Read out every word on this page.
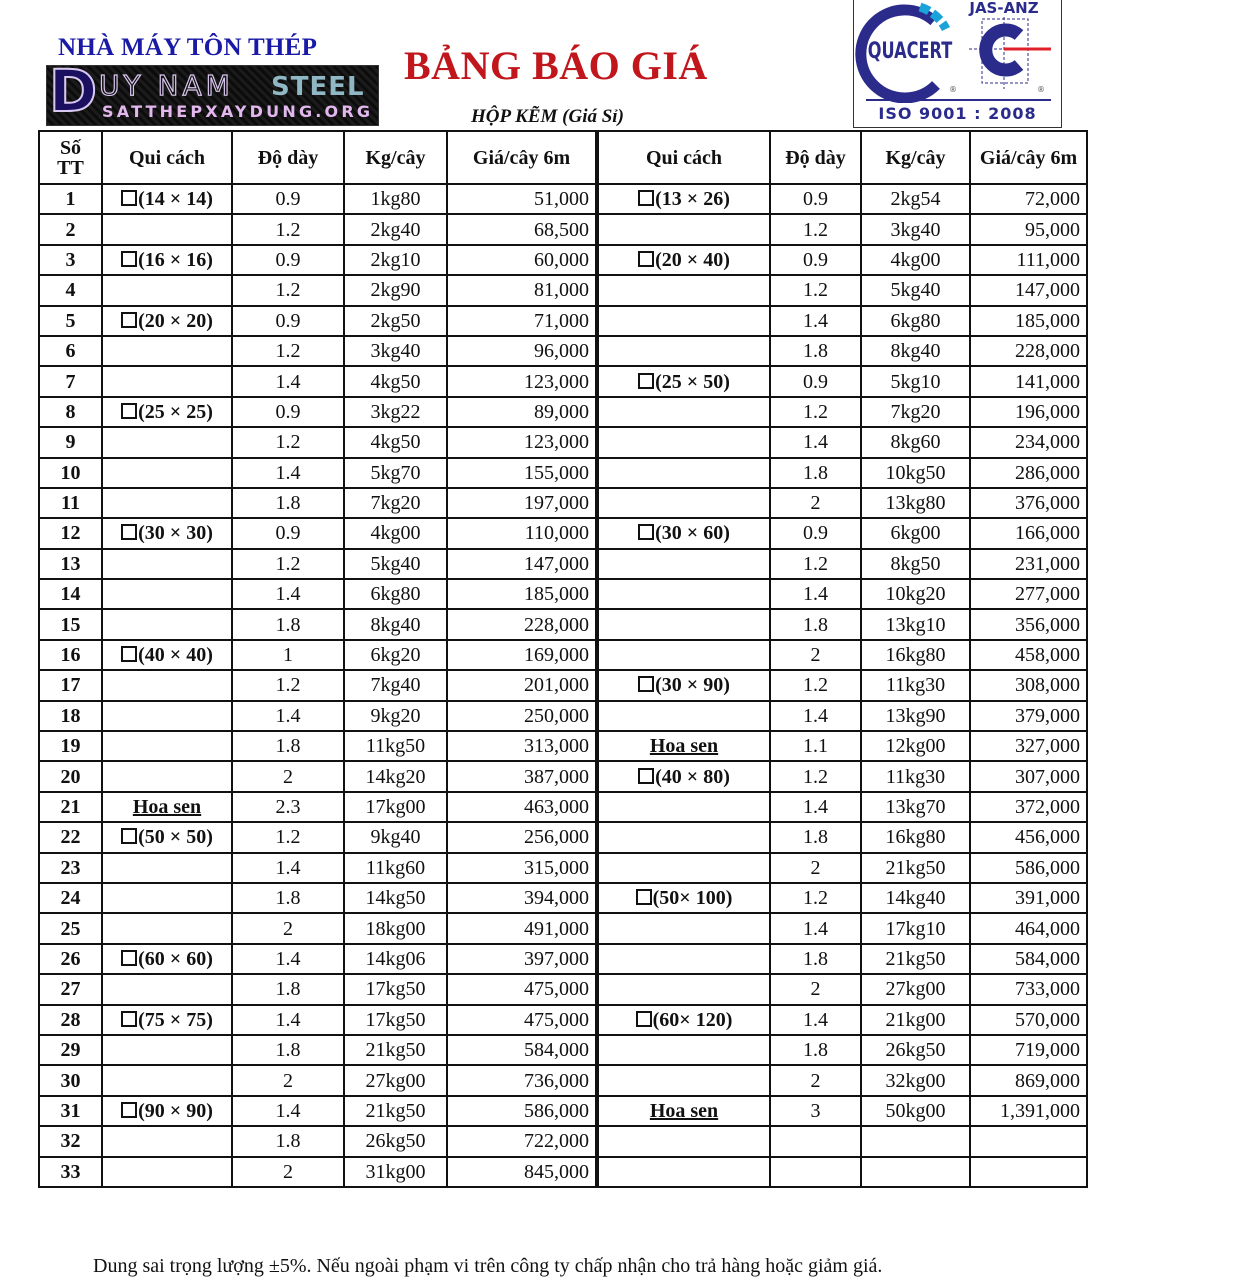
NHÀ MÁY TÔN THÉP
D UY NAM STEEL
SATTHEPXAYDUNG.ORG
BẢNG BÁO GIÁ
HỘP KẼM (Giá Sỉ)
QUACERT
®
JAS-ANZ
®
ISO 9001 : 2008
Số
TT	Qui cách	Độ dày	Kg/cây	Giá/cây 6m	Qui cách	Độ dày	Kg/cây	Giá/cây 6m
1	(14 × 14)	0.9	1kg80	51,000	(13 × 26)	0.9	2kg54	72,000
2		1.2	2kg40	68,500		1.2	3kg40	95,000
3	(16 × 16)	0.9	2kg10	60,000	(20 × 40)	0.9	4kg00	111,000
4		1.2	2kg90	81,000		1.2	5kg40	147,000
5	(20 × 20)	0.9	2kg50	71,000		1.4	6kg80	185,000
6		1.2	3kg40	96,000		1.8	8kg40	228,000
7		1.4	4kg50	123,000	(25 × 50)	0.9	5kg10	141,000
8	(25 × 25)	0.9	3kg22	89,000		1.2	7kg20	196,000
9		1.2	4kg50	123,000		1.4	8kg60	234,000
10		1.4	5kg70	155,000		1.8	10kg50	286,000
11		1.8	7kg20	197,000		2	13kg80	376,000
12	(30 × 30)	0.9	4kg00	110,000	(30 × 60)	0.9	6kg00	166,000
13		1.2	5kg40	147,000		1.2	8kg50	231,000
14		1.4	6kg80	185,000		1.4	10kg20	277,000
15		1.8	8kg40	228,000		1.8	13kg10	356,000
16	(40 × 40)	1	6kg20	169,000		2	16kg80	458,000
17		1.2	7kg40	201,000	(30 × 90)	1.2	11kg30	308,000
18		1.4	9kg20	250,000		1.4	13kg90	379,000
19		1.8	11kg50	313,000	Hoa sen	1.1	12kg00	327,000
20		2	14kg20	387,000	(40 × 80)	1.2	11kg30	307,000
21	Hoa sen	2.3	17kg00	463,000		1.4	13kg70	372,000
22	(50 × 50)	1.2	9kg40	256,000		1.8	16kg80	456,000
23		1.4	11kg60	315,000		2	21kg50	586,000
24		1.8	14kg50	394,000	(50× 100)	1.2	14kg40	391,000
25		2	18kg00	491,000		1.4	17kg10	464,000
26	(60 × 60)	1.4	14kg06	397,000		1.8	21kg50	584,000
27		1.8	17kg50	475,000		2	27kg00	733,000
28	(75 × 75)	1.4	17kg50	475,000	(60× 120)	1.4	21kg00	570,000
29		1.8	21kg50	584,000		1.8	26kg50	719,000
30		2	27kg00	736,000		2	32kg00	869,000
31	(90 × 90)	1.4	21kg50	586,000	Hoa sen	3	50kg00	1,391,000
32		1.8	26kg50	722,000				
33		2	31kg00	845,000				
Dung sai trọng lượng ±5%. Nếu ngoài phạm vi trên công ty chấp nhận cho trả hàng hoặc giảm giá.
